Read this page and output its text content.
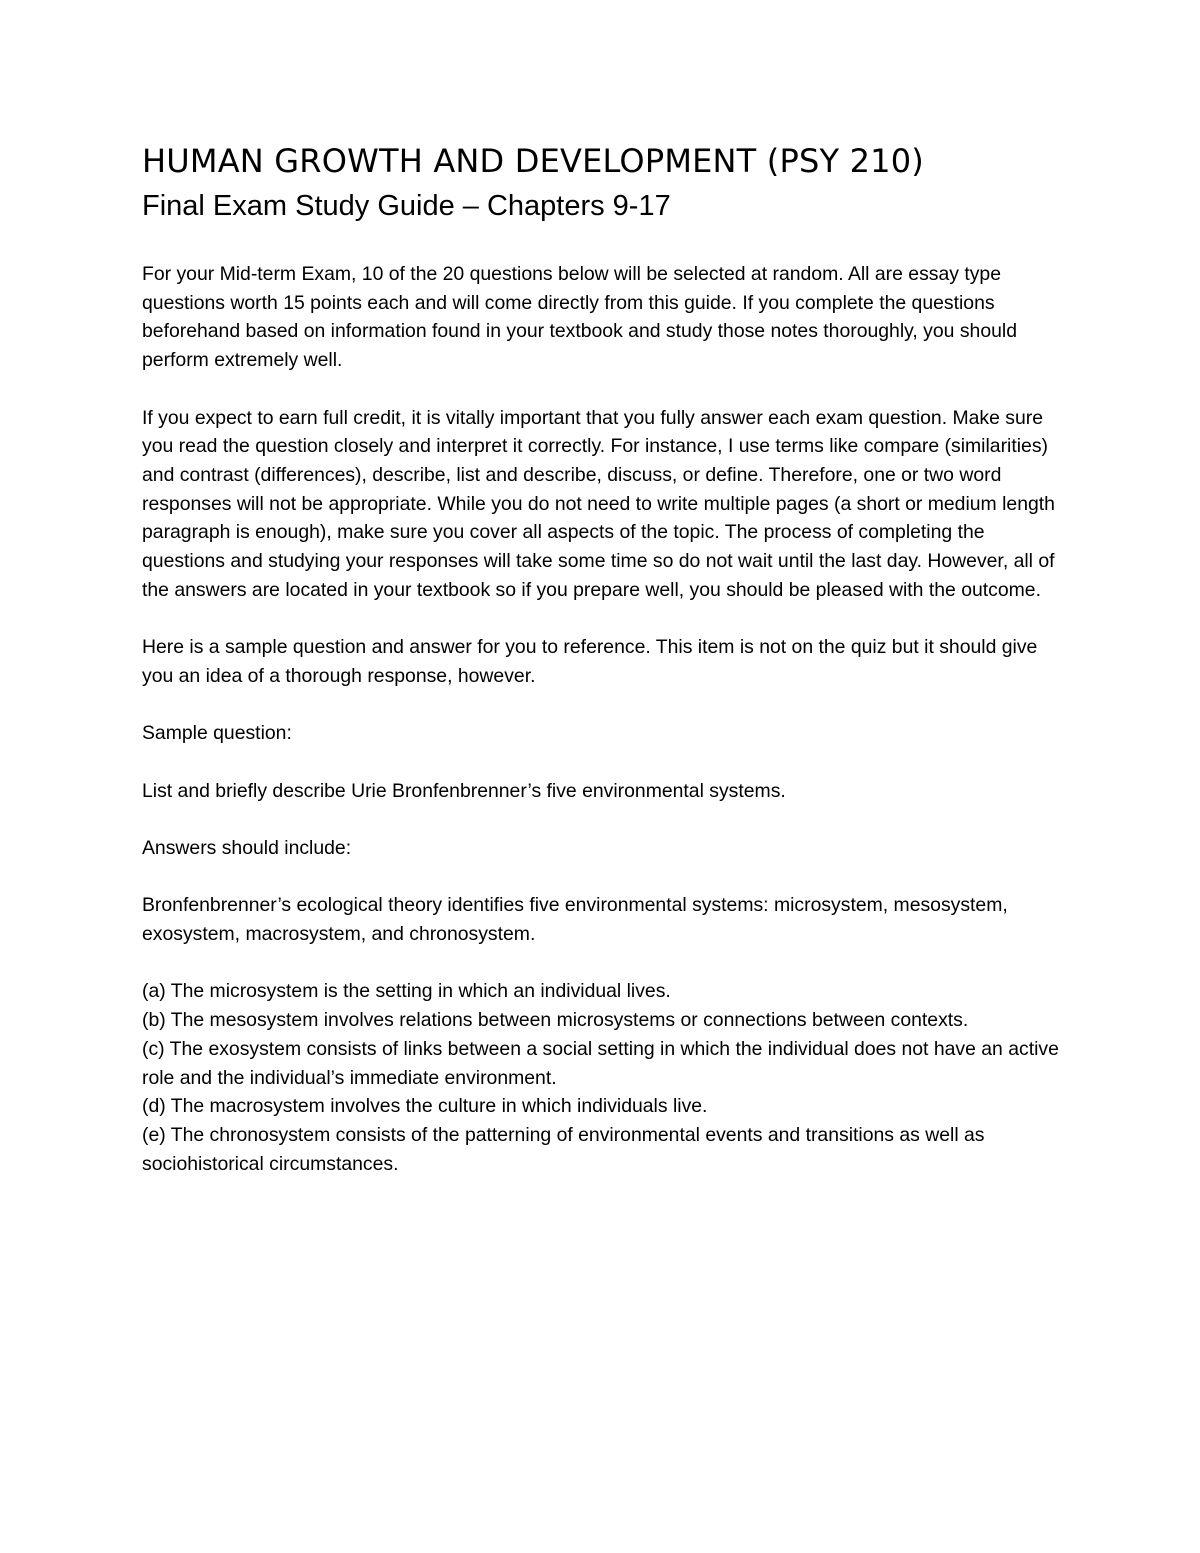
HUMAN GROWTH AND DEVELOPMENT (PSY 210)
Final Exam Study Guide – Chapters 9-17

For your Mid-term Exam, 10 of the 20 questions below will be selected at random. All are essay type questions worth 15 points each and will come directly from this guide. If you complete the questions beforehand based on information found in your textbook and study those notes thoroughly, you should perform extremely well.

If you expect to earn full credit, it is vitally important that you fully answer each exam question. Make sure you read the question closely and interpret it correctly. For instance, I use terms like compare (similarities) and contrast (differences), describe, list and describe, discuss, or define. Therefore, one or two word responses will not be appropriate. While you do not need to write multiple pages (a short or medium length paragraph is enough), make sure you cover all aspects of the topic. The process of completing the questions and studying your responses will take some time so do not wait until the last day. However, all of the answers are located in your textbook so if you prepare well, you should be pleased with the outcome.

Here is a sample question and answer for you to reference. This item is not on the quiz but it should give you an idea of a thorough response, however.

Sample question:

List and briefly describe Urie Bronfenbrenner’s five environmental systems.

Answers should include:

Bronfenbrenner’s ecological theory identifies five environmental systems: microsystem, mesosystem, exosystem, macrosystem, and chronosystem.

(a) The microsystem is the setting in which an individual lives.
(b) The mesosystem involves relations between microsystems or connections between contexts.
(c) The exosystem consists of links between a social setting in which the individual does not have an active role and the individual’s immediate environment.
(d) The macrosystem involves the culture in which individuals live.
(e) The chronosystem consists of the patterning of environmental events and transitions as well as sociohistorical circumstances.
